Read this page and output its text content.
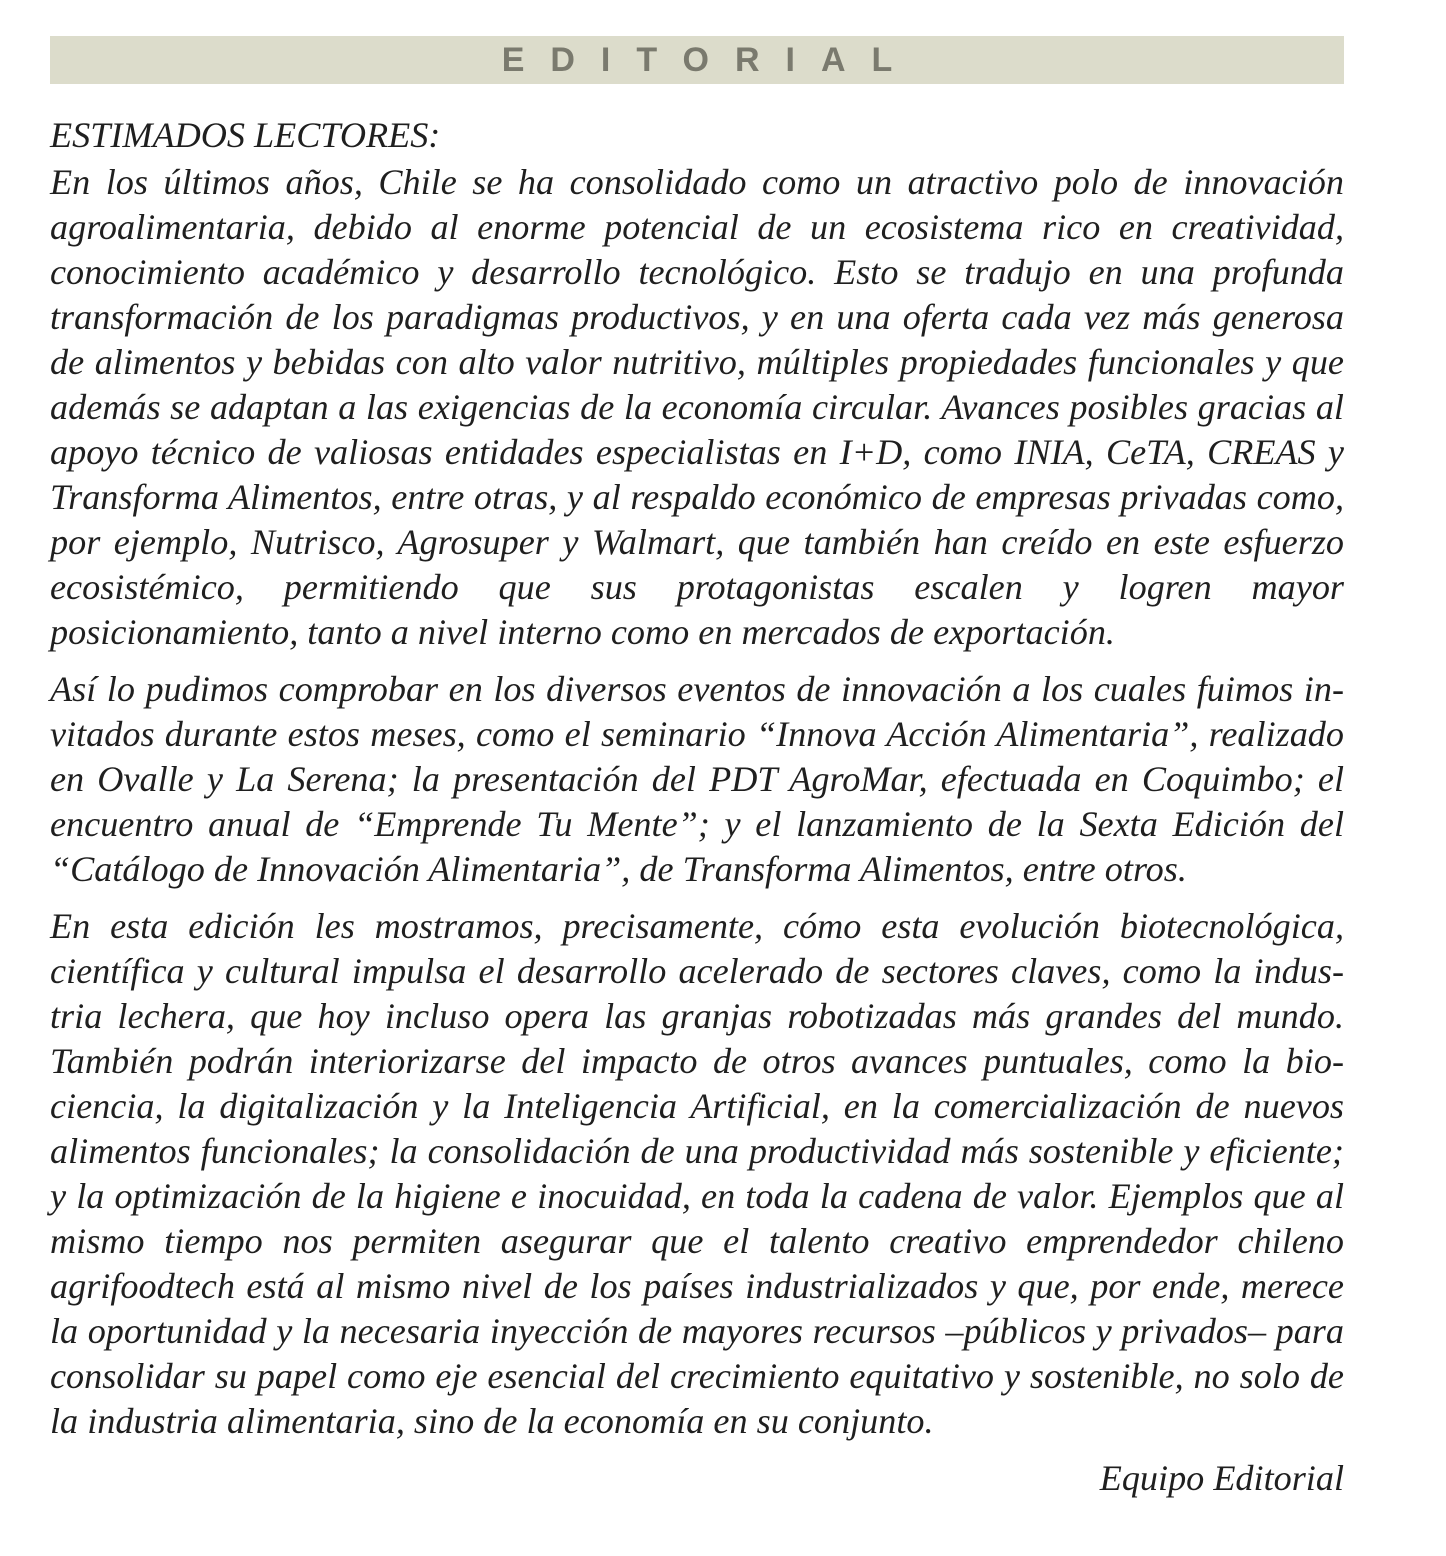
EDITORIAL

ESTIMADOS LECTORES:

En los últimos años, Chile se ha consolidado como un atractivo polo de innovación agroalimentaria, debido al enorme potencial de un ecosistema rico en creatividad, conocimiento académico y desarrollo tecnológico. Esto se tradujo en una profunda transformación de los paradigmas productivos, y en una oferta cada vez más generosa de alimentos y bebidas con alto valor nutritivo, múltiples propiedades funcionales y que además se adaptan a las exigencias de la economía circular. Avances posibles gracias al apoyo técnico de valiosas entidades especialistas en I+D, como INIA, CeTA, CREAS y Transforma Alimentos, entre otras, y al respaldo económico de empresas privadas como, por ejemplo, Nutrisco, Agrosuper y Walmart, que también han creído en este esfuerzo ecosistémico, permitiendo que sus protagonistas escalen y logren mayor posicionamiento, tanto a nivel interno como en mercados de exportación.

Así lo pudimos comprobar en los diversos eventos de innovación a los cuales fuimos invitados durante estos meses, como el seminario “Innova Acción Alimentaria”, realizado en Ovalle y La Serena; la presentación del PDT AgroMar, efectuada en Coquimbo; el encuentro anual de “Emprende Tu Mente”; y el lanzamiento de la Sexta Edición del “Catálogo de Innovación Alimentaria”, de Transforma Alimentos, entre otros.

En esta edición les mostramos, precisamente, cómo esta evolución biotecnológica, científica y cultural impulsa el desarrollo acelerado de sectores claves, como la industria lechera, que hoy incluso opera las granjas robotizadas más grandes del mundo. También podrán interiorizarse del impacto de otros avances puntuales, como la biociencia, la digitalización y la Inteligencia Artificial, en la comercialización de nuevos alimentos funcionales; la consolidación de una productividad más sostenible y eficiente; y la optimización de la higiene e inocuidad, en toda la cadena de valor. Ejemplos que al mismo tiempo nos permiten asegurar que el talento creativo emprendedor chileno agrifoodtech está al mismo nivel de los países industrializados y que, por ende, merece la oportunidad y la necesaria inyección de mayores recursos –públicos y privados– para consolidar su papel como eje esencial del crecimiento equitativo y sostenible, no solo de la industria alimentaria, sino de la economía en su conjunto.

Equipo Editorial
